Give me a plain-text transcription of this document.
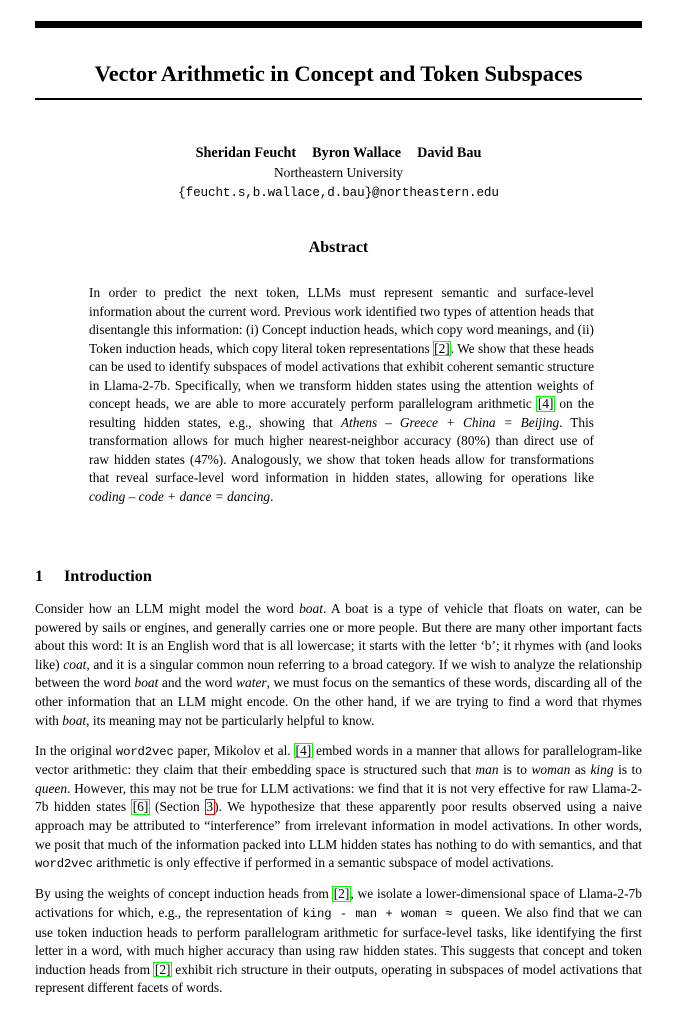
Vector Arithmetic in Concept and Token Subspaces
Sheridan Feucht Byron Wallace David Bau
Northeastern University
{feucht.s,b.wallace,d.bau}@northeastern.edu
Abstract
In order to predict the next token, LLMs must represent semantic and surface-level information about the current word. Previous work identified two types of attention heads that disentangle this information: (i) Concept induction heads, which copy word meanings, and (ii) Token induction heads, which copy literal token representations [2]. We show that these heads can be used to identify subspaces of model activations that exhibit coherent semantic structure in Llama-2-7b. Specifically, when we transform hidden states using the attention weights of concept heads, we are able to more accurately perform parallelogram arithmetic [4] on the resulting hidden states, e.g., showing that Athens – Greece + China = Beijing. This transformation allows for much higher nearest-neighbor accuracy (80%) than direct use of raw hidden states (47%). Analogously, we show that token heads allow for transformations that reveal surface-level word information in hidden states, allowing for operations like coding – code + dance = dancing.
1 Introduction

Consider how an LLM might model the word boat. A boat is a type of vehicle that floats on water, can be powered by sails or engines, and generally carries one or more people. But there are many other important facts about this word: It is an English word that is all lowercase; it starts with the letter ‘b’; it rhymes with (and looks like) coat, and it is a singular common noun referring to a broad category. If we wish to analyze the relationship between the word boat and the word water, we must focus on the semantics of these words, discarding all of the other information that an LLM might encode. On the other hand, if we are trying to find a word that rhymes with boat, its meaning may not be particularly helpful to know.

In the original word2vec paper, Mikolov et al. [4] embed words in a manner that allows for parallelogram-like vector arithmetic: they claim that their embedding space is structured such that man is to woman as king is to queen. However, this may not be true for LLM activations: we find that it is not very effective for raw Llama-2-7b hidden states [6] (Section 3). We hypothesize that these apparently poor results observed using a naive approach may be attributed to “interference” from irrelevant information in model activations. In other words, we posit that much of the information packed into LLM hidden states has nothing to do with semantics, and that word2vec arithmetic is only effective if performed in a semantic subspace of model activations.

By using the weights of concept induction heads from [2], we isolate a lower-dimensional space of Llama-2-7b activations for which, e.g., the representation of king - man + woman ≈ queen. We also find that we can use token induction heads to perform parallelogram arithmetic for surface-level tasks, like identifying the first letter in a word, with much higher accuracy than using raw hidden states. This suggests that concept and token induction heads from [2] exhibit rich structure in their outputs, operating in subspaces of model activations that represent different facets of words.
